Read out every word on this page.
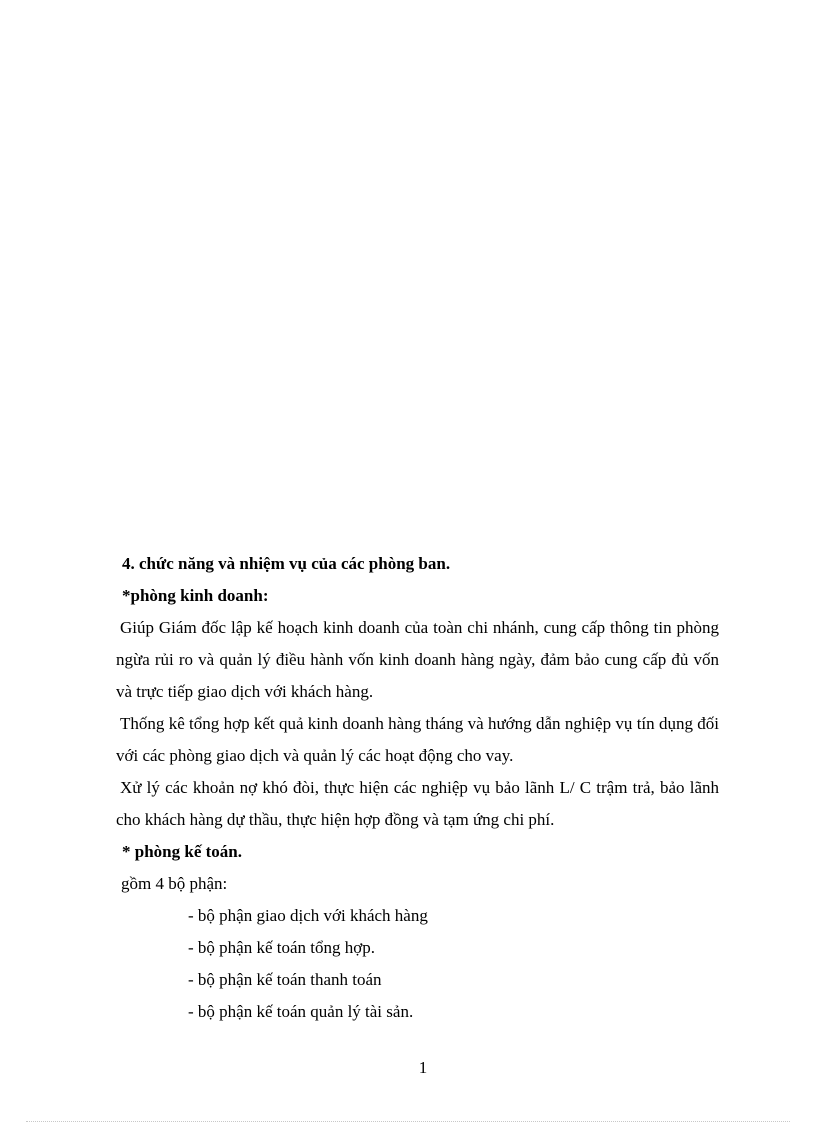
4. chức năng và nhiệm vụ của các phòng ban.
*phòng kinh doanh:
Giúp Giám đốc lập kế hoạch kinh doanh của toàn chi nhánh, cung cấp thông tin phòng ngừa rủi ro và quản lý điều hành vốn kinh doanh hàng ngày, đảm bảo cung cấp đủ vốn và trực tiếp giao dịch với khách hàng.
Thống kê tổng hợp kết quả kinh doanh hàng tháng và hướng dẫn nghiệp vụ tín dụng đối với các phòng giao dịch và quản lý các hoạt động cho vay.
Xử lý các khoản nợ khó đòi, thực hiện các nghiệp vụ bảo lãnh L/ C trậm trả, bảo lãnh cho khách hàng dự thầu, thực hiện hợp đồng và tạm ứng chi phí.
* phòng kế toán.
gồm 4 bộ phận:
- bộ phận giao dịch với khách hàng
- bộ phận kế toán tổng hợp.
- bộ phận kế toán thanh toán
- bộ phận kế toán quản lý tài sản.
1
